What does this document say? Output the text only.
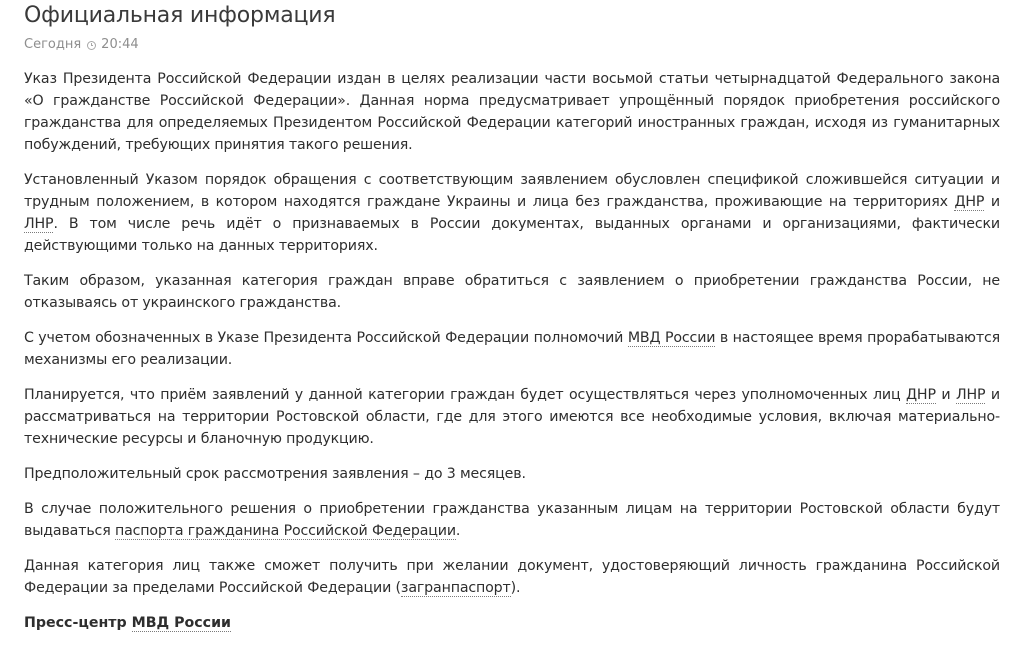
Официальная информация
Сегодня 20:44

Указ Президента Российской Федерации издан в целях реализации части восьмой статьи четырнадцатой Федерального закона «О гражданстве Российской Федерации». Данная норма предусматривает упрощённый порядок приобретения российского гражданства для определяемых Президентом Российской Федерации категорий иностранных граждан, исходя из гуманитарных побуждений, требующих принятия такого решения.

Установленный Указом порядок обращения с соответствующим заявлением обусловлен спецификой сложившейся ситуации и трудным положением, в котором находятся граждане Украины и лица без гражданства, проживающие на территориях ДНР и ЛНР. В том числе речь идёт о признаваемых в России документах, выданных органами и организациями, фактически действующими только на данных территориях.

Таким образом, указанная категория граждан вправе обратиться с заявлением о приобретении гражданства России, не отказываясь от украинского гражданства.

С учетом обозначенных в Указе Президента Российской Федерации полномочий МВД России в настоящее время прорабатываются механизмы его реализации.

Планируется, что приём заявлений у данной категории граждан будет осуществляться через уполномоченных лиц ДНР и ЛНР и рассматриваться на территории Ростовской области, где для этого имеются все необходимые условия, включая материально-технические ресурсы и бланочную продукцию.

Предположительный срок рассмотрения заявления – до 3 месяцев.

В случае положительного решения о приобретении гражданства указанным лицам на территории Ростовской области будут выдаваться паспорта гражданина Российской Федерации.

Данная категория лиц также сможет получить при желании документ, удостоверяющий личность гражданина Российской Федерации за пределами Российской Федерации (загранпаспорт).

Пресс-центр МВД России
